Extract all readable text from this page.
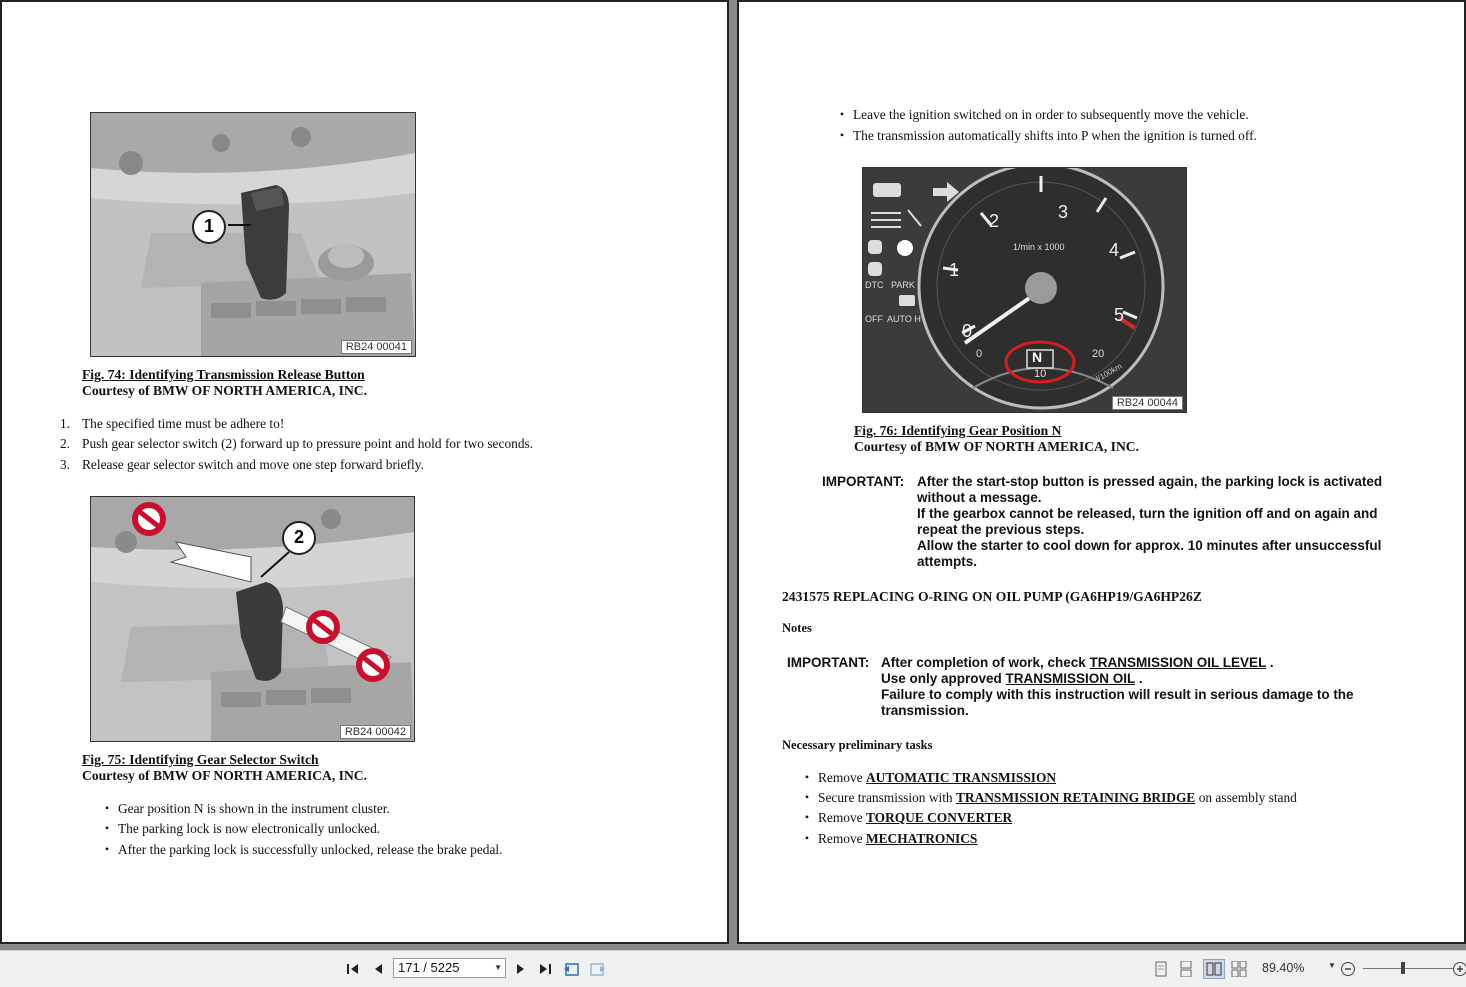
1
RB24 00041
Fig. 74: Identifying Transmission Release Button
Courtesy of BMW OF NORTH AMERICA, INC.
1. The specified time must be adhere to!
2. Push gear selector switch (2) forward up to pressure point and hold for two seconds.
3. Release gear selector switch and move one step forward briefly.
2
RB24 00042
Fig. 75: Identifying Gear Selector Switch
Courtesy of BMW OF NORTH AMERICA, INC.
• Gear position N is shown in the instrument cluster.
• The parking lock is now electronically unlocked.
• After the parking lock is successfully unlocked, release the brake pedal.
• Leave the ignition switched on in order to subsequently move the vehicle.
• The transmission automatically shifts into P when the ignition is turned off.
1/min x 1000
0
1
2	3
4
5
0
10
20
l/100km
N
DTC PARK
OFF AUTO H
RB24 00044
Fig. 76: Identifying Gear Position N
Courtesy of BMW OF NORTH AMERICA, INC.
IMPORTANT: After the start-stop button is pressed again, the parking lock is activated
without a message.
If the gearbox cannot be released, turn the ignition off and on again and
repeat the previous steps.
Allow the starter to cool down for approx. 10 minutes after unsuccessful
attempts.
2431575 REPLACING O-RING ON OIL PUMP (GA6HP19/GA6HP26Z
Notes
IMPORTANT: After completion of work, check TRANSMISSION OIL LEVEL .
Use only approved TRANSMISSION OIL .
Failure to comply with this instruction will result in serious damage to the
transmission.
Necessary preliminary tasks
• Remove AUTOMATIC TRANSMISSION
• Secure transmission with TRANSMISSION RETAINING BRIDGE on assembly stand
• Remove TORQUE CONVERTER
• Remove MECHATRONICS
171 / 5225	▼	89.40%	▼
